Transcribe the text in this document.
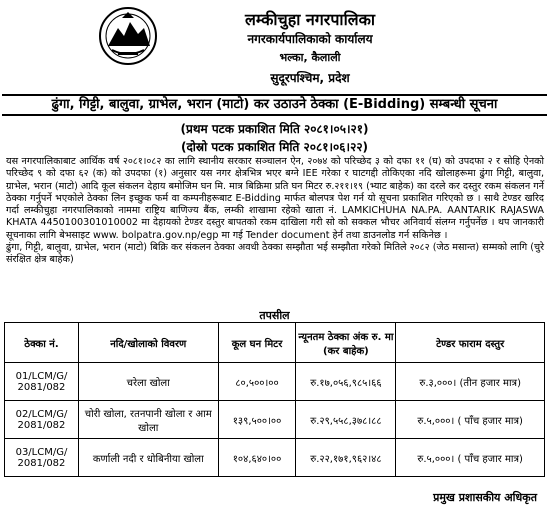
लम्कीचुहा नगरपालिका
नगरकार्यपालिकाको कार्यालय
भल्का, कैलाली
सुदूरपश्चिम, प्रदेश
ढुंगा, गिट्टी, बालुवा, ग्राभेल, भरान (माटो) कर उठाउने ठेक्का (E-Bidding) सम्बन्धी सूचना
(प्रथम पटक प्रकाशित मिति २०८१।०५।२१)
(दोस्रो पटक प्रकाशित मिति २०८१।०६।२२)

यस नगरपालिकाबाट आर्थिक वर्ष २०८१।०८२ का लागि स्थानीय सरकार सञ्चालन ऐन, २०७४ को परिच्छेद ३ को दफा ११ (घ) को उपदफा २ र सोहि ऐनको परिच्छेद ९ को दफा ६२ (क) को उपदफा (१) अनुसार यस नगर क्षेत्रभित्र भएर बग्ने IEE गरेका र घाटगद्दी तोकिएका नदि खोलाहरूमा ढुंगा गिट्टी, बालुवा, ग्राभेल, भरान (माटो) आदि कूल संकलन देहाय बमोजिम घन मि. मात्र बिक्रिमा प्रति घन मिटर रु.२११।१९ (भ्याट बाहेक) का दरले कर दस्तुर रकम संकलन गर्ने ठेक्का गर्नुपर्ने भएकोले ठेक्का लिन इच्छुक फर्म वा कम्पनीहरूबाट E-Bidding मार्फत बोलपत्र पेश गर्न यो सूचना प्रकाशित गरिएको छ । साथै टेण्डर खरिद गर्दा लम्कीचुहा नगरपालिकाको नाममा राष्ट्रिय बाणिज्य बैंक, लम्की शाखामा रहेको खाता नं. LAMKICHUHA NA.PA. AANTARIK RAJASWA KHATA 4450100301010002 मा देहायको टेण्डर दस्तुर बापतको रकम दाखिला गरी सो को सक्कल भौचर अनिवार्य संलग्न गर्नुपर्नेछ । थप जानकारी सूचनाका लागि बेभसाइट www. bolpatra.gov.np/egp मा गई Tender document हेर्न तथा डाउनलोड गर्न सकिनेछ ।

ढुंगा, गिट्टी, बालुवा, ग्राभेल, भरान (माटो) बिक्रि कर संकलन ठेक्का अवधी ठेक्का सम्झौता भई सम्झौता गरेको मितिले २०८२ (जेठ मसान्त) सम्मको लागि (चुरे संरक्षित क्षेत्र बाहेक)

तपसील
ठेक्का नं.	नदि/खोलाको विवरण	कूल घन मिटर	न्यूनतम ठेक्का अंक रु. मा (कर बाहेक)	टेण्डर फाराम दस्तुर
01/LCM/G/ 2081/082	चरेला खोला	८०,५००।००	रु.१७,०५६,९८५।६६	रु.३,०००। (तीन हजार मात्र)
02/LCM/G/ 2081/082	चोरी खोला, रतनपानी खोला र आम खोला	१३९,५००।००	रु.२९,५५८,३७८।८८	रु.५,०००। ( पाँच हजार मात्र)
03/LCM/G/ 2081/082	कर्णाली नदी र धोबिनीया खोला	१०४,६४०।००	रु.२२,१७१,९६२।४८	रु.५,०००। ( पाँच हजार मात्र)
प्रमुख प्रशासकीय अधिकृत
